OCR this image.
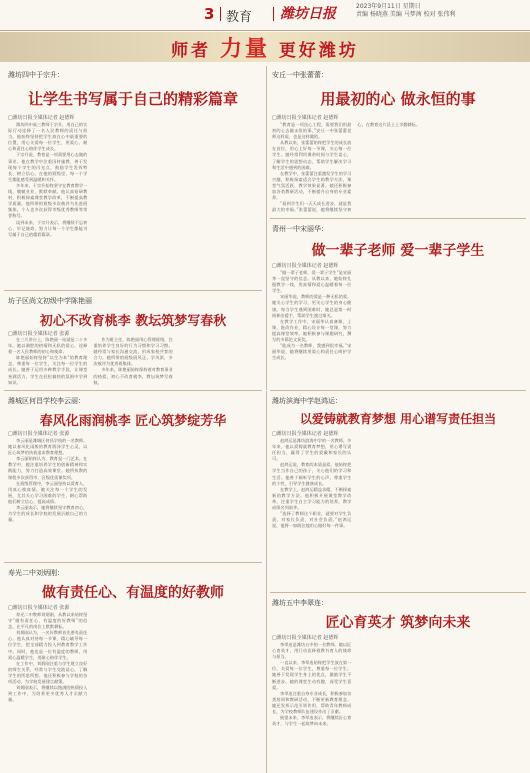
3 教育 潍坊日报	2023年9月11日 星期日
责编 杨晓燕 美编 马梦茜 校对 张伟利
师者 力量 更好潍坊
潍坊四中于宗升：
让学生书写属于自己的精彩篇章
□潍坊日报全媒体记者 赵德辉

潍坊四中高三教师于宗升，用自己的实际行动诠释了一名人民教师的责任与担当。他始终坚持把学生放在心中最重要的位置，用心关爱每一位学生，用爱心、耐心和责任心陪伴学生成长。

于宗升说，教育是一项需要用心去做的事业。他在教学中注重因材施教，善于发现每个学生的闪光点，鼓励学生发挥特长、树立信心。在他的班级里，每一个学生都能感受到温暖和关怀。

多年来，于宗升始终坚守在教育教学一线，兢兢业业、默默奉献。他认真钻研教材，积极探索课堂教学改革，不断提高教学质量。他所带的班级多次被评为先进班集体，个人也多次获得市级优秀教师等荣誉称号。

谈到未来，于宗升表示，将继续不忘初心、牢记使命，努力让每一个学生都能书写属于自己的精彩篇章。

安丘一中张蕾蕾：
用最初的心 做永恒的事
□潍坊日报全媒体记者 赵德辉

“教育是一项良心工程，需要我们用最初的心去做永恒的事。”安丘一中张蕾蕾老师这样说，也是这样做的。

从教以来，张蕾蕾始终把学生的成长放在首位，用心上好每一节课，关心每一位学生。她经常利用课余时间与学生谈心，了解学生的思想动态，帮助学生解决学习和生活中遇到的困难。

在教学中，张蕾蕾注重激发学生的学习兴趣，积极探索适合学生的教学方法，课堂气氛活跃，教学效果显著。她还积极参加各类教研活动，不断提升自身的专业素养。

“看到学生们一天天成长进步，就是我最大的幸福。”张蕾蕾说，她将继续坚守初心，在教育这片沃土上辛勤耕耘。

坊子区尚文初级中学陈艳丽
初心不改育桃李 教坛筑梦写春秋
□潍坊日报全媒体记者 张源

在三尺讲台上，陈艳丽一站就是二十多年。她以满腔的热情和无私的爱心，诠释着一名人民教师的初心和使命。

陈艳丽始终坚持“以生为本”的教育理念，尊重每一位学生，关注每一位学生的成长。她善于运用多种教学手段，让课堂充满活力，学生在轻松愉快的氛围中学到知识。

作为班主任，陈艳丽用心管理班级，注重培养学生良好的行为习惯和学习习惯。她经常与家长沟通交流，形成家校共育的合力。她所带的班级班风正、学风浓，多次被评为优秀班集体。

多年来，陈艳丽始终保持着对教育事业的热爱，初心不改育桃李，教坛筑梦写春秋。

青州一中宋丽华：
做一辈子老师 爱一辈子学生
□潍坊日报全媒体记者 赵德辉

“做一辈子老师，爱一辈子学生”是宋丽华一直坚守的信念。从教以来，她始终扎根教学一线，用真情和爱心温暖着每一位学生。

宋丽华说，教师的爱是一种无私的爱。她关心学生的学习，更关心学生的身心健康。每当学生遇到困难时，她总是第一时间伸出援手，帮助学生渡过难关。

在教学工作中，宋丽华认真备课、上课，批改作业，精心设计每一堂课，努力提高课堂效率。她积极参与课题研究，撰写的多篇论文获奖。

“能成为一名教师，我感到很幸福。”宋丽华说，她将继续用爱心和责任心呵护学生成长。

潍城区何昌学校李云丽：
春风化雨润桃李 匠心筑梦绽芳华
□潍坊日报全媒体记者 张源

李云丽是潍城区何昌学校的一名教师。她以春风化雨般的教育润泽学生心灵，以匠心筑梦的执着追求教育理想。

李云丽始终认为，教育是一门艺术。在教学中，她注重培养学生的创新精神和实践能力，努力打造高效课堂。她所执教的课程多次获得市、区级优质课奖项。

在班级管理中，李云丽坚持以爱育人，用真心换真情。她关注每一个学生的发展，尤其关心学习困难的学生，耐心帮助他们树立信心、提高成绩。

李云丽表示，她将继续坚守教育初心，为学生的成长和学校的发展贡献自己的力量。

潍坊滨海中学赵鸿运：
以爱铸就教育梦想 用心谱写责任担当
□潍坊日报全媒体记者 赵德辉

赵鸿运是潍坊滨海中学的一名教师。多年来，他以爱铸就教育梦想，用心谱写责任担当，赢得了学生的爱戴和家长的认可。

赵鸿运说，教育的本质是爱。他始终把学生当作自己的孩子，关心他们的学习和生活。他善于倾听学生的心声，尊重学生的个性，引导学生健康成长。

在教学上，赵鸿运精益求精，不断探索新的教学方法。他积极开展课堂教学改革，注重学生自主学习能力的培养，教学成绩名列前茅。

“选择了教师这个职业，就要对学生负责，对家长负责，对社会负责。”赵鸿运说，他将一如既往地用心做好每一件事。

寿光二中刘炳刚：
做有责任心、有温度的好教师
□潍坊日报全媒体记者 张源

寿光二中教师刘炳刚，从教以来始终坚守“做有责任心、有温度的好教师”的信念，在平凡的岗位上默默耕耘。

刘炳刚认为，一名好教师首先要有责任心。他认真对待每一节课，精心辅导每一位学生，把全部精力投入到教育教学工作中。同时，他也是一位有温度的教师，用爱心温暖学生，用耐心陪伴学生。

在工作中，刘炳刚注重与学生建立良好的师生关系，经常与学生交流谈心，了解学生的所思所想。他还积极参与学校的各项活动，为学校发展建言献策。

刘炳刚表示，将继续以饱满的热情投入到工作中，为培养更多优秀人才贡献力量。

潍坊五中李翠连：
匠心育英才 筑梦向未来
□潍坊日报全媒体记者 赵德辉

李翠连是潍坊五中的一名教师。她以匠心育英才，用行动诠释着教书育人的使命与担当。

一直以来，李翠连始终把学生放在第一位，关爱每一位学生，尊重每一位学生。她善于发现学生身上的优点，激励学生不断进步。她的课堂生动有趣，深受学生喜爱。

李翠连注重自身专业成长，积极参加各类培训和教研活动，不断更新教育理念。她还发挥示范引领作用，帮助青年教师成长，为学校教师队伍建设作出了贡献。

展望未来，李翠连表示，将继续匠心育英才，与学生一起筑梦向未来。
